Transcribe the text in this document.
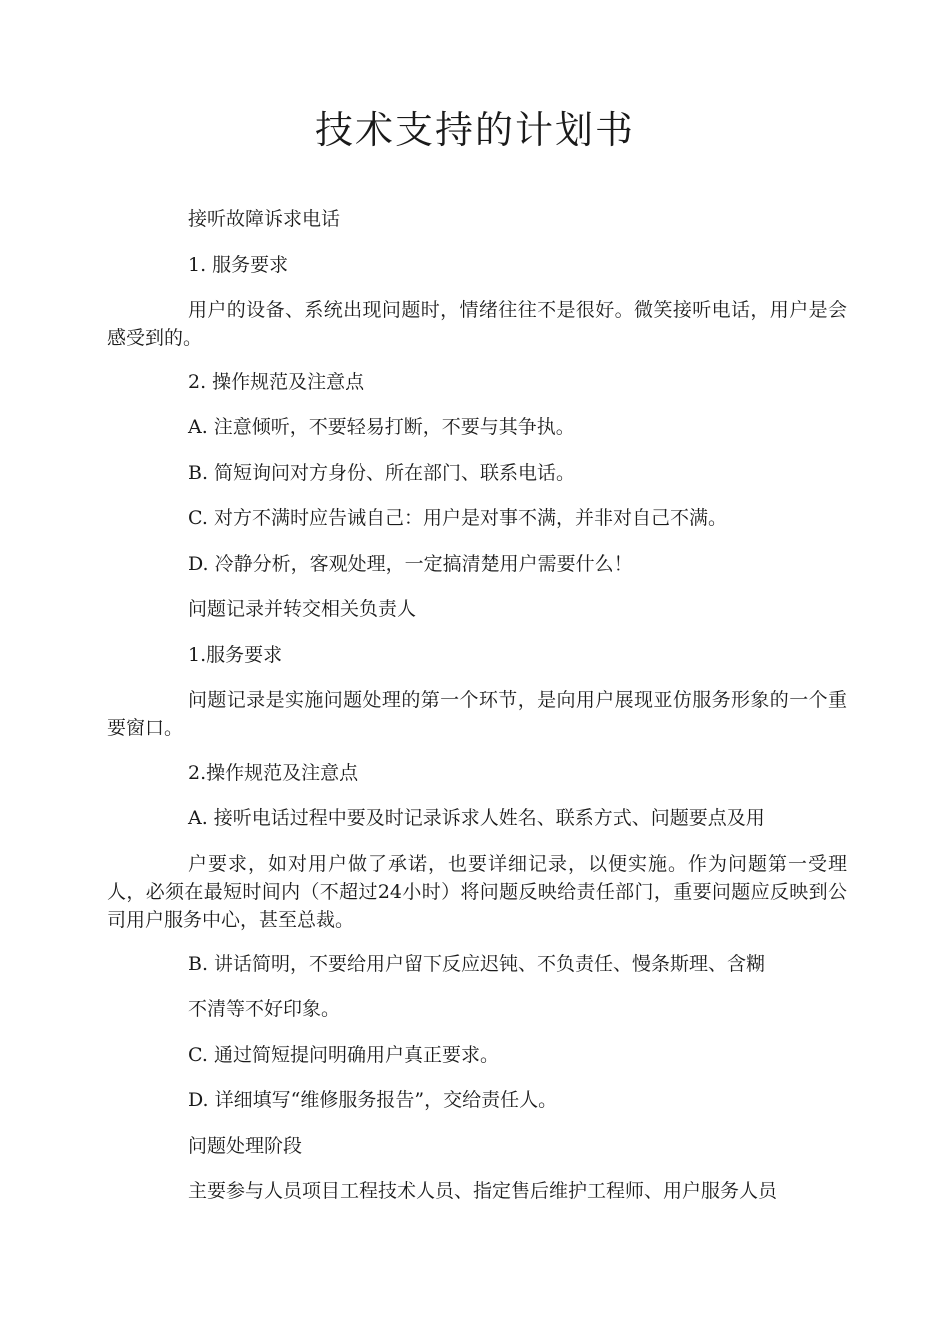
技术支持的计划书
接听故障诉求电话
1. 服务要求
用户的设备、系统出现问题时，情绪往往不是很好。微笑接听电话，用户是会感受到的。
2. 操作规范及注意点
A. 注意倾听，不要轻易打断，不要与其争执。
B. 简短询问对方身份、所在部门、联系电话。
C. 对方不满时应告诫自己：用户是对事不满，并非对自己不满。
D. 冷静分析，客观处理，一定搞清楚用户需要什么！
问题记录并转交相关负责人
1.服务要求
问题记录是实施问题处理的第一个环节，是向用户展现亚仿服务形象的一个重要窗口。
2.操作规范及注意点
A. 接听电话过程中要及时记录诉求人姓名、联系方式、问题要点及用
户要求，如对用户做了承诺，也要详细记录，以便实施。作为问题第一受理人，必须在最短时间内（不超过24小时）将问题反映给责任部门，重要问题应反映到公司用户服务中心，甚至总裁。
B. 讲话简明，不要给用户留下反应迟钝、不负责任、慢条斯理、含糊
不清等不好印象。
C. 通过简短提问明确用户真正要求。
D. 详细填写“维修服务报告”，交给责任人。
问题处理阶段
主要参与人员项目工程技术人员、指定售后维护工程师、用户服务人员
